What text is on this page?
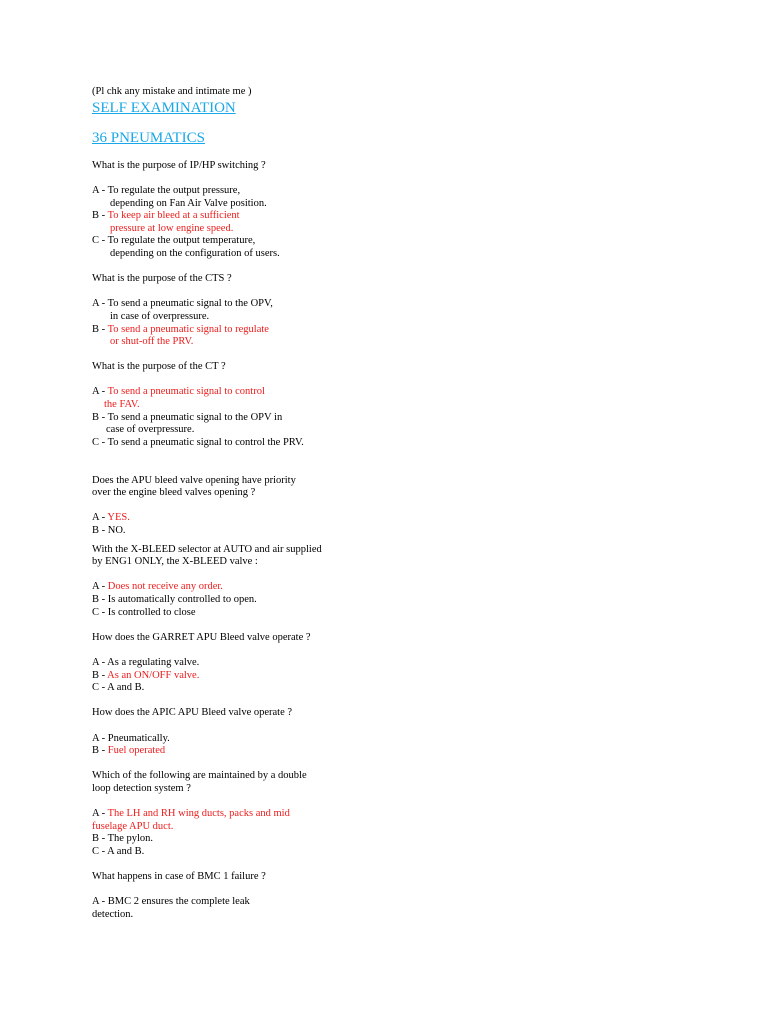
(Pl chk any mistake and intimate me )
SELF EXAMINATION
36 PNEUMATICS
What is the purpose of IP/HP switching ?
A - To regulate the output pressure,
depending on Fan Air Valve position.
B - To keep air bleed at a sufficient
pressure at low engine speed.
C - To regulate the output temperature,
depending on the configuration of users.
What is the purpose of the CTS ?
A - To send a pneumatic signal to the OPV,
in case of overpressure.
B - To send a pneumatic signal to regulate
or shut-off the PRV.
What is the purpose of the CT ?
A - To send a pneumatic signal to control
the FAV.
B - To send a pneumatic signal to the OPV in
case of overpressure.
C - To send a pneumatic signal to control the PRV.
Does the APU bleed valve opening have priority
over the engine bleed valves opening ?
A - YES.
B - NO.
With the X-BLEED selector at AUTO and air supplied
by ENG1 ONLY, the X-BLEED valve :
A - Does not receive any order.
B - Is automatically controlled to open.
C - Is controlled to close
How does the GARRET APU Bleed valve operate ?
A - As a regulating valve.
B - As an ON/OFF valve.
C - A and B.
How does the APIC APU Bleed valve operate ?
A - Pneumatically.
B - Fuel operated
Which of the following are maintained by a double
loop detection system ?
A - The LH and RH wing ducts, packs and mid
fuselage APU duct.
B - The pylon.
C - A and B.
What happens in case of BMC 1 failure ?
A - BMC 2 ensures the complete leak
detection.
